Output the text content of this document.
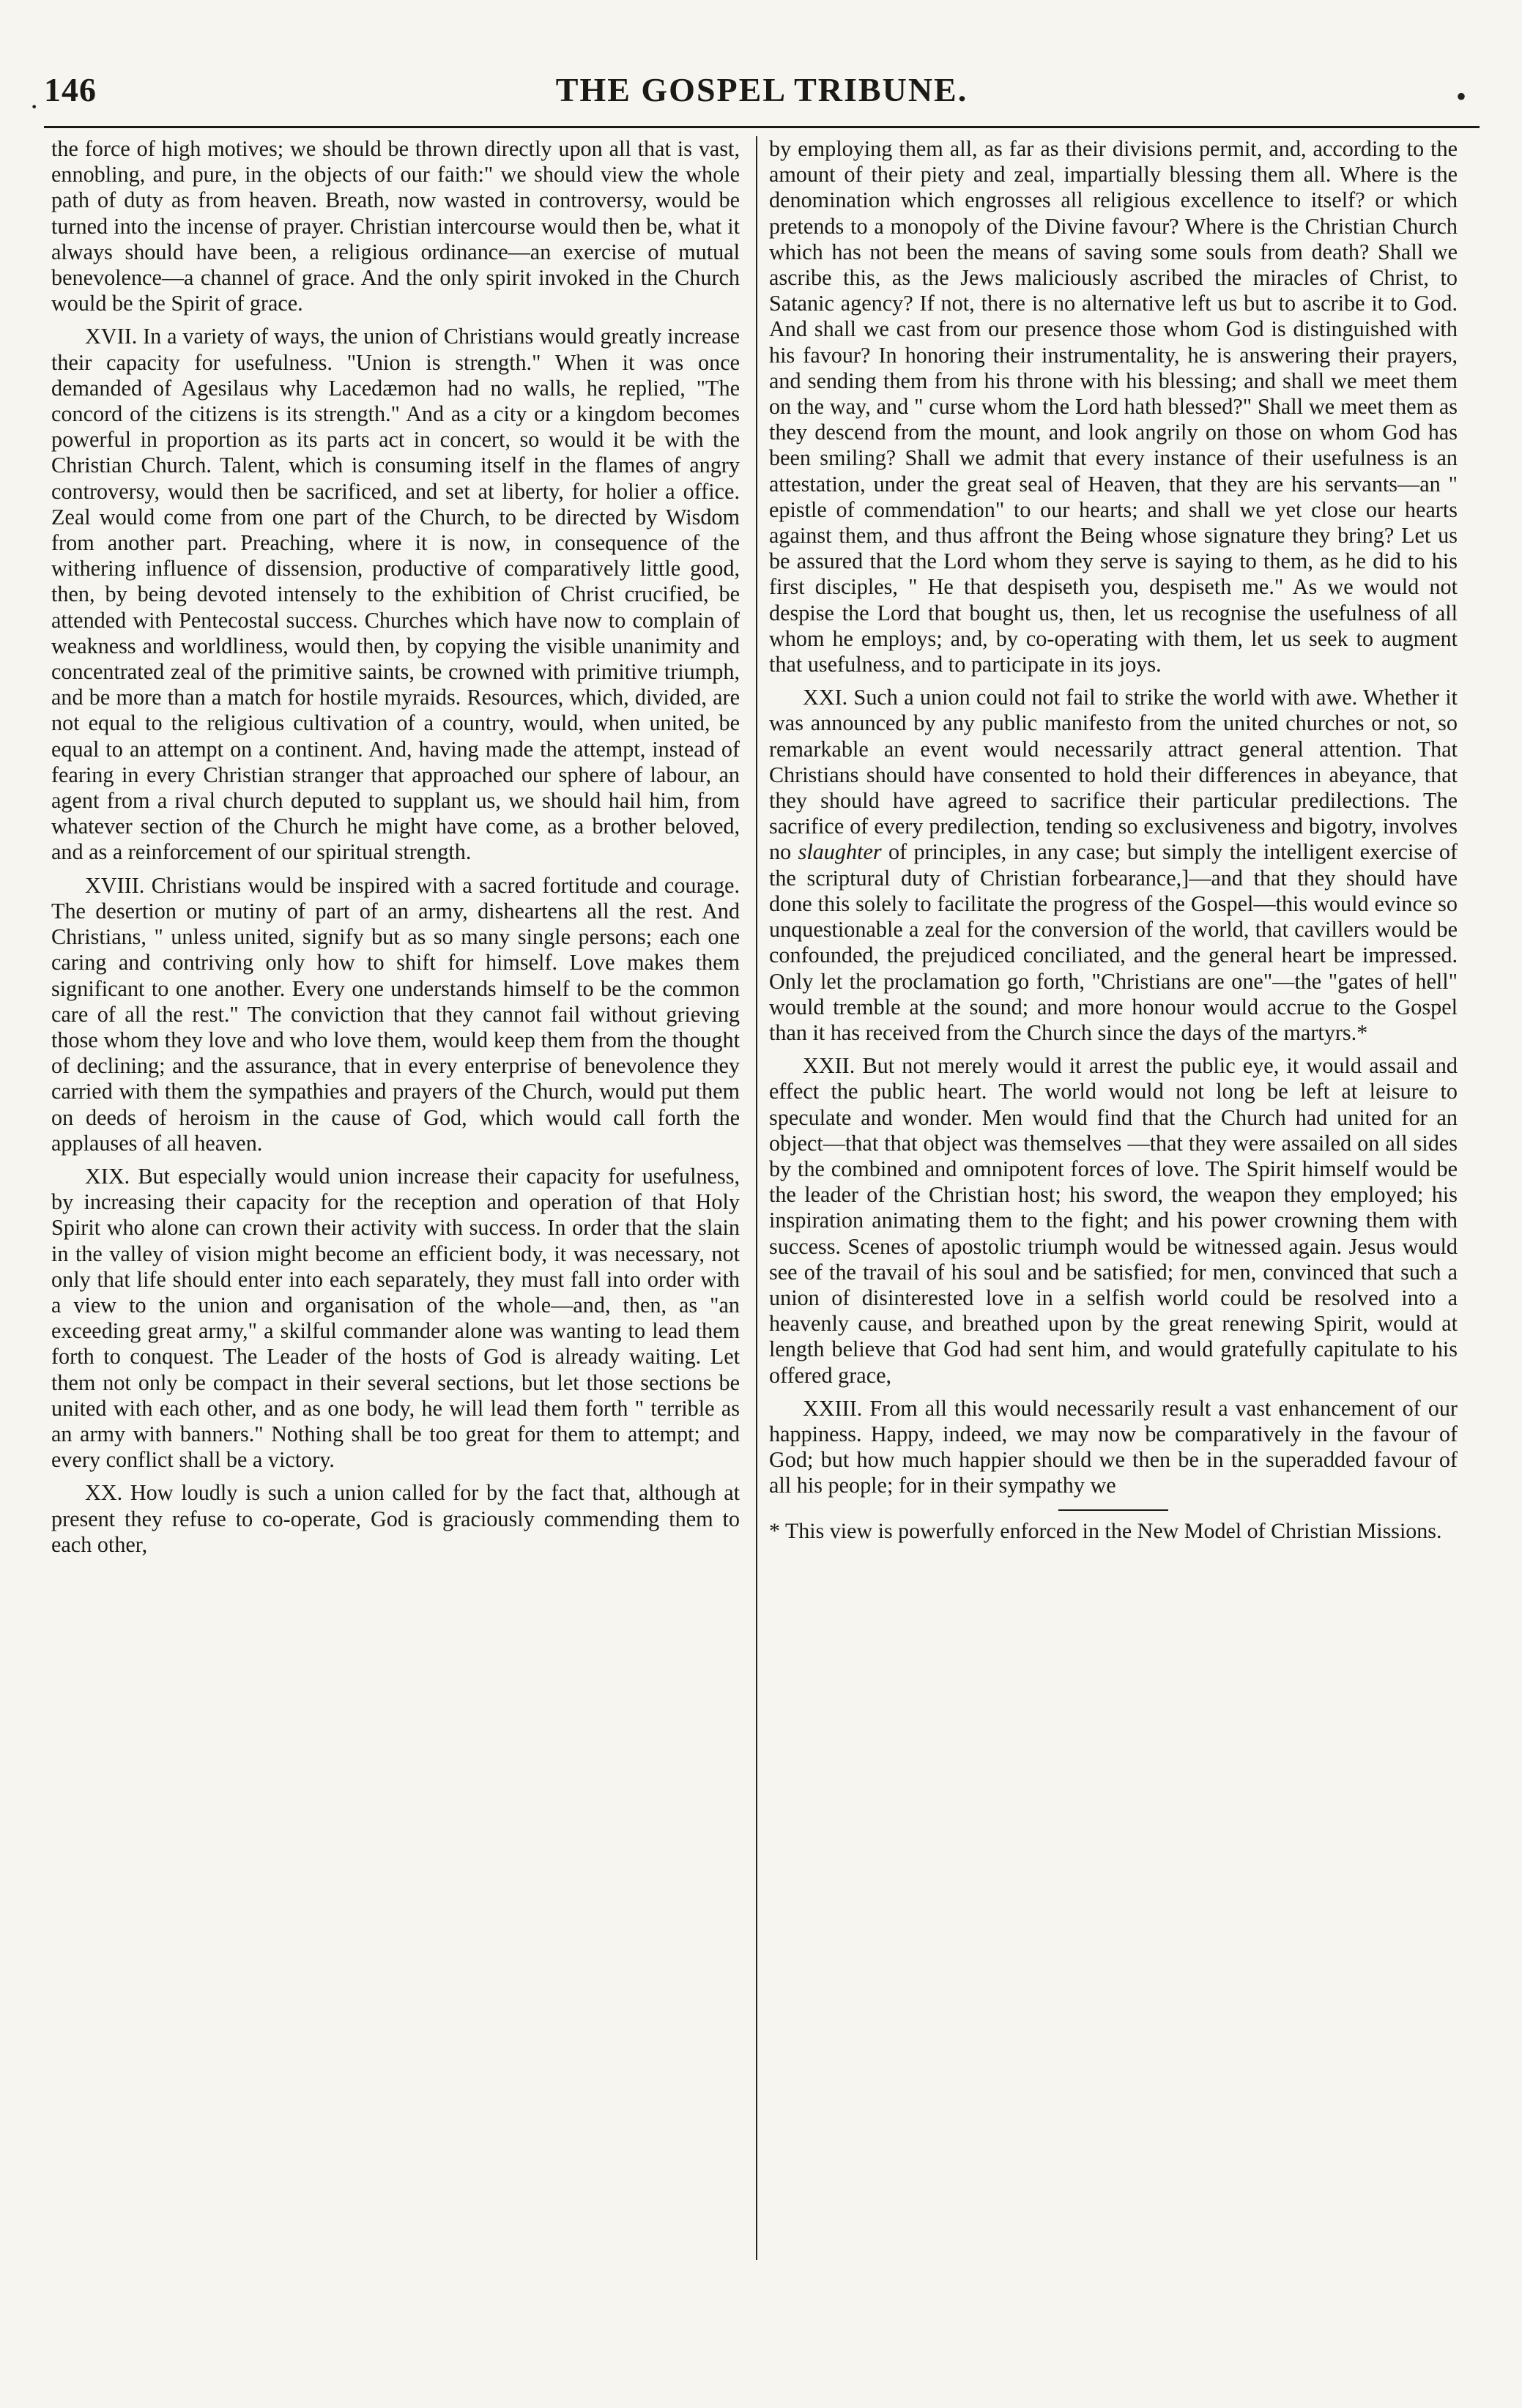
146	THE GOSPEL TRIBUNE.
·	•

the force of high motives; we should be thrown directly upon all that is vast, ennobling, and pure, in the objects of our faith:" we should view the whole path of duty as from heaven. Breath, now wasted in controversy, would be turned into the incense of prayer. Christian intercourse would then be, what it always should have been, a religious ordinance—an exercise of mutual benevolence—a channel of grace. And the only spirit invoked in the Church would be the Spirit of grace.

XVII. In a variety of ways, the union of Christians would greatly increase their capacity for usefulness. "Union is strength." When it was once demanded of Agesilaus why Lacedæmon had no walls, he replied, "The concord of the citizens is its strength." And as a city or a kingdom becomes powerful in proportion as its parts act in concert, so would it be with the Christian Church. Talent, which is consuming itself in the flames of angry controversy, would then be sacrificed, and set at liberty, for holier a office. Zeal would come from one part of the Church, to be directed by Wisdom from another part. Preaching, where it is now, in consequence of the withering influence of dissension, productive of comparatively little good, then, by being devoted intensely to the exhibition of Christ crucified, be attended with Pentecostal success. Churches which have now to complain of weakness and worldliness, would then, by copying the visible unanimity and concentrated zeal of the primitive saints, be crowned with primitive triumph, and be more than a match for hostile myraids. Resources, which, divided, are not equal to the religious cultivation of a country, would, when united, be equal to an attempt on a continent. And, having made the attempt, instead of fearing in every Christian stranger that approached our sphere of labour, an agent from a rival church deputed to supplant us, we should hail him, from whatever section of the Church he might have come, as a brother beloved, and as a reinforcement of our spiritual strength.

XVIII. Christians would be inspired with a sacred fortitude and courage. The desertion or mutiny of part of an army, disheartens all the rest. And Christians, " unless united, signify but as so many single persons; each one caring and contriving only how to shift for himself. Love makes them significant to one another. Every one understands himself to be the common care of all the rest." The conviction that they cannot fail without grieving those whom they love and who love them, would keep them from the thought of declining; and the assurance, that in every enterprise of benevolence they carried with them the sympathies and prayers of the Church, would put them on deeds of heroism in the cause of God, which would call forth the applauses of all heaven.

XIX. But especially would union increase their capacity for usefulness, by increasing their capacity for the reception and operation of that Holy Spirit who alone can crown their activity with success. In order that the slain in the valley of vision might become an efficient body, it was necessary, not only that life should enter into each separately, they must fall into order with a view to the union and organisation of the whole—and, then, as "an exceeding great army," a skilful commander alone was wanting to lead them forth to conquest. The Leader of the hosts of God is already waiting. Let them not only be compact in their several sections, but let those sections be united with each other, and as one body, he will lead them forth " terrible as an army with banners." Nothing shall be too great for them to attempt; and every conflict shall be a victory.

XX. How loudly is such a union called for by the fact that, although at present they refuse to co-operate, God is graciously commending them to each other,

by employing them all, as far as their divisions permit, and, according to the amount of their piety and zeal, impartially blessing them all. Where is the denomination which engrosses all religious excellence to itself? or which pretends to a monopoly of the Divine favour? Where is the Christian Church which has not been the means of saving some souls from death? Shall we ascribe this, as the Jews maliciously ascribed the miracles of Christ, to Satanic agency? If not, there is no alternative left us but to ascribe it to God. And shall we cast from our presence those whom God is distinguished with his favour? In honoring their instrumentality, he is answering their prayers, and sending them from his throne with his blessing; and shall we meet them on the way, and " curse whom the Lord hath blessed?" Shall we meet them as they descend from the mount, and look angrily on those on whom God has been smiling? Shall we admit that every instance of their usefulness is an attestation, under the great seal of Heaven, that they are his servants—an " epistle of commendation" to our hearts; and shall we yet close our hearts against them, and thus affront the Being whose signature they bring? Let us be assured that the Lord whom they serve is saying to them, as he did to his first disciples, " He that despiseth you, despiseth me." As we would not despise the Lord that bought us, then, let us recognise the usefulness of all whom he employs; and, by co-operating with them, let us seek to augment that usefulness, and to participate in its joys.

XXI. Such a union could not fail to strike the world with awe. Whether it was announced by any public manifesto from the united churches or not, so remarkable an event would necessarily attract general attention. That Christians should have consented to hold their differences in abeyance, that they should have agreed to sacrifice their particular predilections. The sacrifice of every predilection, tending so exclusiveness and bigotry, involves no slaughter of principles, in any case; but simply the intelligent exercise of the scriptural duty of Christian forbearance,]—and that they should have done this solely to facilitate the progress of the Gospel—this would evince so unquestionable a zeal for the conversion of the world, that cavillers would be confounded, the prejudiced conciliated, and the general heart be impressed. Only let the proclamation go forth, "Christians are one"—the "gates of hell" would tremble at the sound; and more honour would accrue to the Gospel than it has received from the Church since the days of the martyrs.*

XXII. But not merely would it arrest the public eye, it would assail and effect the public heart. The world would not long be left at leisure to speculate and wonder. Men would find that the Church had united for an object—that that object was themselves —that they were assailed on all sides by the combined and omnipotent forces of love. The Spirit himself would be the leader of the Christian host; his sword, the weapon they employed; his inspiration animating them to the fight; and his power crowning them with success. Scenes of apostolic triumph would be witnessed again. Jesus would see of the travail of his soul and be satisfied; for men, convinced that such a union of disinterested love in a selfish world could be resolved into a heavenly cause, and breathed upon by the great renewing Spirit, would at length believe that God had sent him, and would gratefully capitulate to his offered grace,

XXIII. From all this would necessarily result a vast enhancement of our happiness. Happy, indeed, we may now be comparatively in the favour of God; but how much happier should we then be in the superadded favour of all his people; for in their sympathy we

* This view is powerfully enforced in the New Model of Christian Missions.
